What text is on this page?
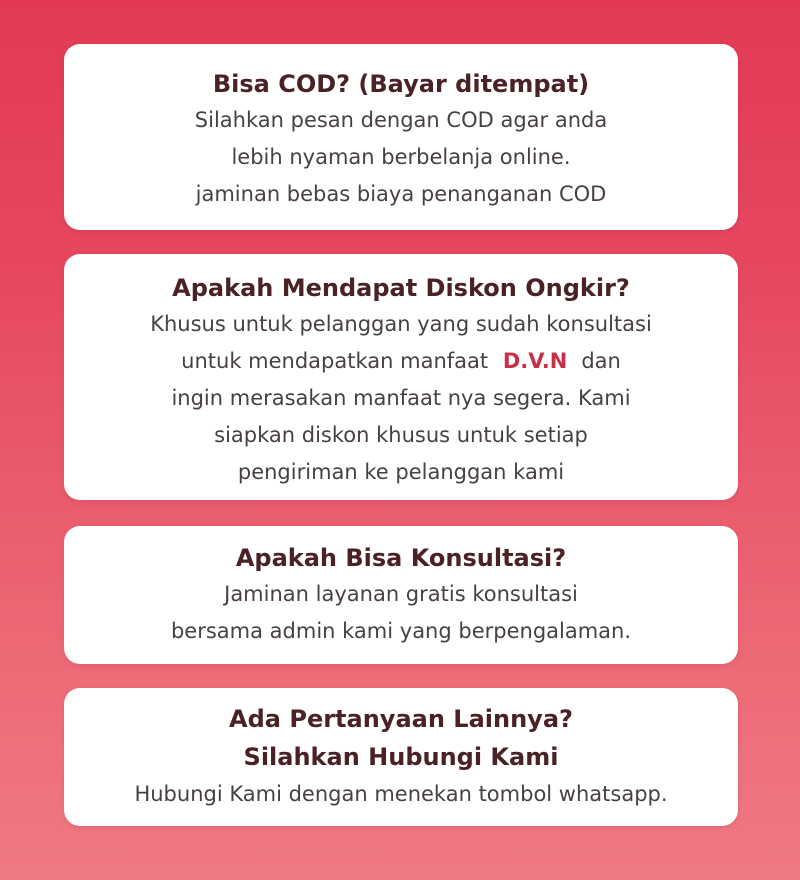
Bisa COD? (Bayar ditempat)

Silahkan pesan dengan COD agar anda

lebih nyaman berbelanja online.

jaminan bebas biaya penanganan COD

Apakah Mendapat Diskon Ongkir?

Khusus untuk pelanggan yang sudah konsultasi

untuk mendapatkan manfaat D.V.N dan

ingin merasakan manfaat nya segera. Kami

siapkan diskon khusus untuk setiap

pengiriman ke pelanggan kami

Apakah Bisa Konsultasi?

Jaminan layanan gratis konsultasi

bersama admin kami yang berpengalaman.

Ada Pertanyaan Lainnya?

Silahkan Hubungi Kami

Hubungi Kami dengan menekan tombol whatsapp.
